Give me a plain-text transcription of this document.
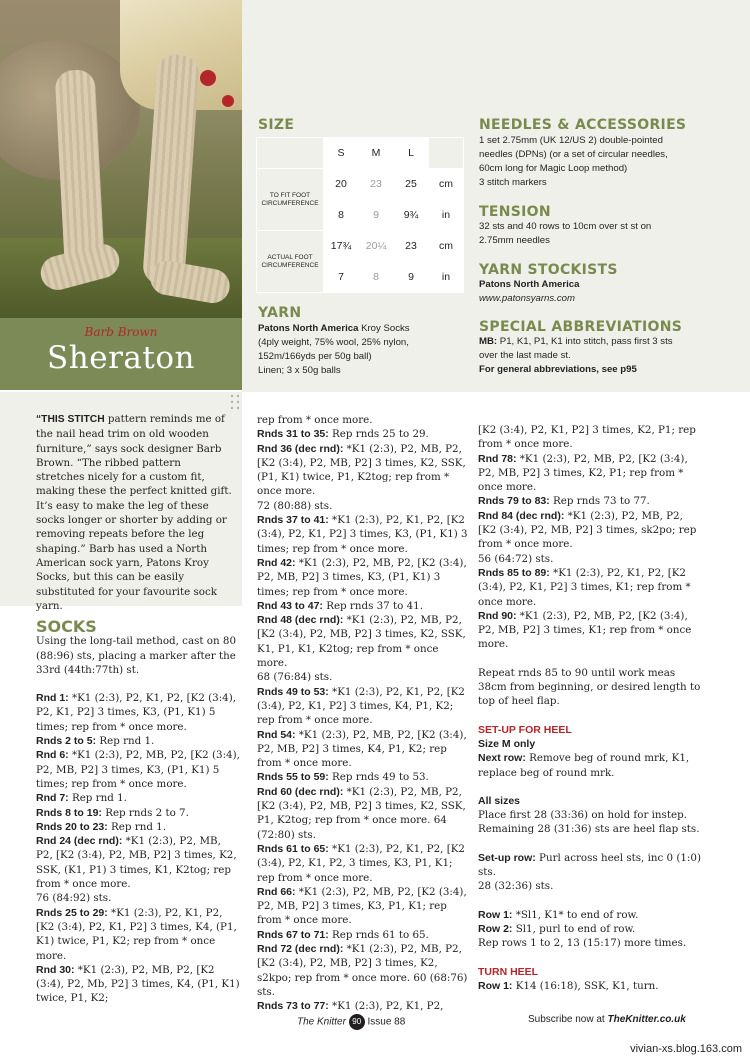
Barb Brown
Sheraton
SIZE
	S	M	L	
TO FIT FOOT CIRCUMFERENCE	20	23	25	cm
	8	9	9¾	in
ACTUAL FOOT CIRCUMFERENCE	17¾	20¼	23	cm
	7	8	9	in
YARN
Patons North America Kroy Socks
(4ply weight, 75% wool, 25% nylon,
152m/166yds per 50g ball)
Linen; 3 x 50g balls
NEEDLES & ACCESSORIES
1 set 2.75mm (UK 12/US 2) double-pointed
needles (DPNs) (or a set of circular needles,
60cm long for Magic Loop method)
3 stitch markers
TENSION
32 sts and 40 rows to 10cm over st st on
2.75mm needles
YARN STOCKISTS
Patons North America
www.patonsyarns.com
SPECIAL ABBREVIATIONS
MB: P1, K1, P1, K1 into stitch, pass first 3 sts
over the last made st.
For general abbreviations, see p95

“THIS STITCH pattern reminds me of the nail head trim on old wooden furniture,” says sock designer Barb Brown. “The ribbed pattern stretches nicely for a custom fit, making these the perfect knitted gift. It’s easy to make the leg of these socks longer or shorter by adding or removing repeats before the leg shaping.” Barb has used a North American sock yarn, Patons Kroy Socks, but this can be easily substituted for your favourite sock yarn.

SOCKS

Using the long-tail method, cast on 80 (88:96) sts, placing a marker after the 33rd (44th:77th) st.

Rnd 1: *K1 (2:3), P2, K1, P2, [K2 (3:4), P2, K1, P2] 3 times, K3, (P1, K1) 5 times; rep from * once more.

Rnds 2 to 5: Rep rnd 1.

Rnd 6: *K1 (2:3), P2, MB, P2, [K2 (3:4), P2, MB, P2] 3 times, K3, (P1, K1) 5 times; rep from * once more.

Rnd 7: Rep rnd 1.

Rnds 8 to 19: Rep rnds 2 to 7.

Rnds 20 to 23: Rep rnd 1.

Rnd 24 (dec rnd): *K1 (2:3), P2, MB, P2, [K2 (3:4), P2, MB, P2] 3 times, K2, SSK, (K1, P1) 3 times, K1, K2tog; rep from * once more.

76 (84:92) sts.

Rnds 25 to 29: *K1 (2:3), P2, K1, P2, [K2 (3:4), P2, K1, P2] 3 times, K4, (P1, K1) twice, P1, K2; rep from * once more.

Rnd 30: *K1 (2:3), P2, MB, P2, [K2 (3:4), P2, Mb, P2] 3 times, K4, (P1, K1) twice, P1, K2;

rep from * once more.

Rnds 31 to 35: Rep rnds 25 to 29.

Rnd 36 (dec rnd): *K1 (2:3), P2, MB, P2, [K2 (3:4), P2, MB, P2] 3 times, K2, SSK, (P1, K1) twice, P1, K2tog; rep from * once more.

72 (80:88) sts.

Rnds 37 to 41: *K1 (2:3), P2, K1, P2, [K2 (3:4), P2, K1, P2] 3 times, K3, (P1, K1) 3 times; rep from * once more.

Rnd 42: *K1 (2:3), P2, MB, P2, [K2 (3:4), P2, MB, P2] 3 times, K3, (P1, K1) 3 times; rep from * once more.

Rnd 43 to 47: Rep rnds 37 to 41.

Rnd 48 (dec rnd): *K1 (2:3), P2, MB, P2, [K2 (3:4), P2, MB, P2] 3 times, K2, SSK, K1, P1, K1, K2tog; rep from * once more.

68 (76:84) sts.

Rnds 49 to 53: *K1 (2:3), P2, K1, P2, [K2 (3:4), P2, K1, P2] 3 times, K4, P1, K2; rep from * once more.

Rnd 54: *K1 (2:3), P2, MB, P2, [K2 (3:4), P2, MB, P2] 3 times, K4, P1, K2; rep from * once more.

Rnds 55 to 59: Rep rnds 49 to 53.

Rnd 60 (dec rnd): *K1 (2:3), P2, MB, P2, [K2 (3:4), P2, MB, P2] 3 times, K2, SSK, P1, K2tog; rep from * once more. 64 (72:80) sts.

Rnds 61 to 65: *K1 (2:3), P2, K1, P2, [K2 (3:4), P2, K1, P2, 3 times, K3, P1, K1; rep from * once more.

Rnd 66: *K1 (2:3), P2, MB, P2, [K2 (3:4), P2, MB, P2] 3 times, K3, P1, K1; rep from * once more.

Rnds 67 to 71: Rep rnds 61 to 65.

Rnd 72 (dec rnd): *K1 (2:3), P2, MB, P2, [K2 (3:4), P2, MB, P2] 3 times, K2, s2kpo; rep from * once more. 60 (68:76) sts.

Rnds 73 to 77: *K1 (2:3), P2, K1, P2,

[K2 (3:4), P2, K1, P2] 3 times, K2, P1; rep from * once more.

Rnd 78: *K1 (2:3), P2, MB, P2, [K2 (3:4), P2, MB, P2] 3 times, K2, P1; rep from * once more.

Rnds 79 to 83: Rep rnds 73 to 77.

Rnd 84 (dec rnd): *K1 (2:3), P2, MB, P2, [K2 (3:4), P2, MB, P2] 3 times, sk2po; rep from * once more.

56 (64:72) sts.

Rnds 85 to 89: *K1 (2:3), P2, K1, P2, [K2 (3:4), P2, K1, P2] 3 times, K1; rep from * once more.

Rnd 90: *K1 (2:3), P2, MB, P2, [K2 (3:4), P2, MB, P2] 3 times, K1; rep from * once more.

Repeat rnds 85 to 90 until work meas 38cm from beginning, or desired length to top of heel flap.

SET-UP FOR HEEL

Size M only

Next row: Remove beg of round mrk, K1, replace beg of round mrk.

All sizes

Place first 28 (33:36) on hold for instep. Remaining 28 (31:36) sts are heel flap sts.

Set-up row: Purl across heel sts, inc 0 (1:0) sts.

28 (32:36) sts.

Row 1: *Sl1, K1* to end of row.

Row 2: Sl1, purl to end of row.

Rep rows 1 to 2, 13 (15:17) more times.

TURN HEEL

Row 1: K14 (16:18), SSK, K1, turn.

The Knitter 90 Issue 88	Subscribe now at TheKnitter.co.uk
vivian-xs.blog.163.com
